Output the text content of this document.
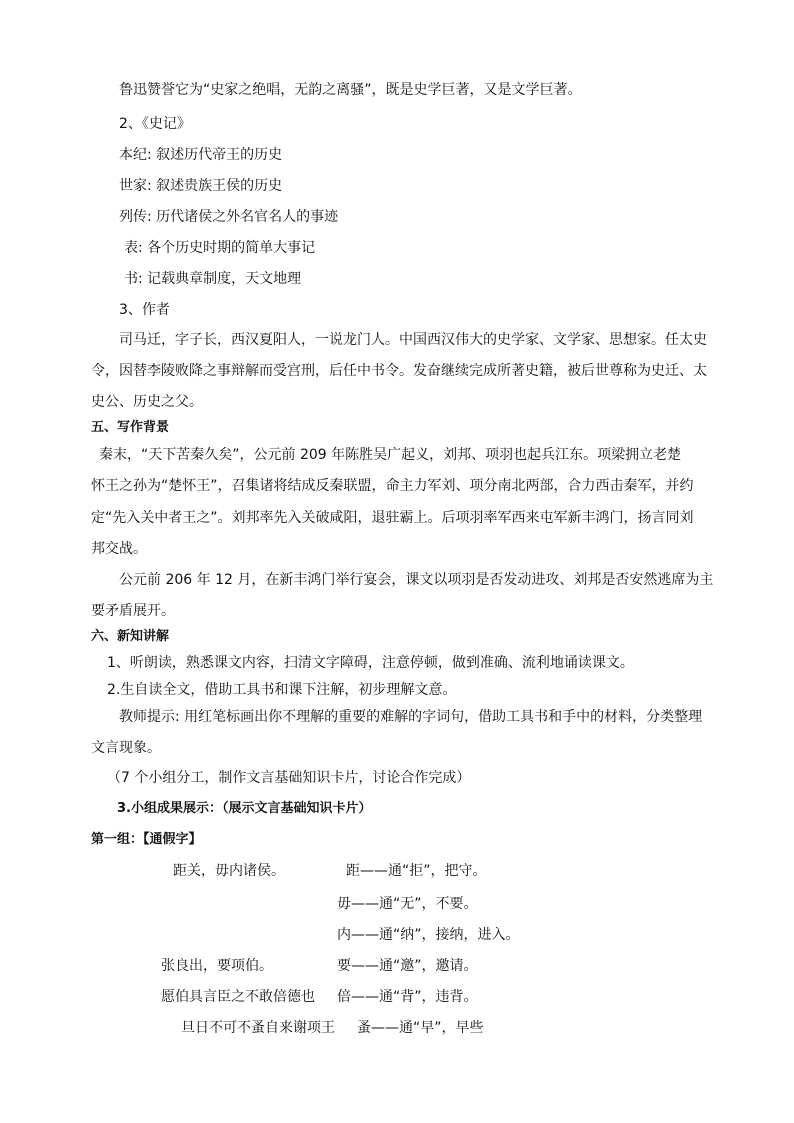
鲁迅赞誉它为“史家之绝唱，无韵之离骚”，既是史学巨著，又是文学巨著。
2、《史记》
本纪: 叙述历代帝王的历史
世家: 叙述贵族王侯的历史
列传: 历代诸侯之外名官名人的事迹
表: 各个历史时期的简单大事记
书: 记载典章制度，天文地理
3、作者
司马迁，字子长，西汉夏阳人，一说龙门人。中国西汉伟大的史学家、文学家、思想家。任太史
令，因替李陵败降之事辩解而受宫刑，后任中书令。发奋继续完成所著史籍，被后世尊称为史迁、太
史公、历史之父。
五、写作背景
秦末，“天下苦秦久矣”，公元前 209 年陈胜吴广起义，刘邦、项羽也起兵江东。项梁拥立老楚
怀王之孙为“楚怀王”，召集诸将结成反秦联盟，命主力军刘、项分南北两部，合力西击秦军，并约
定“先入关中者王之”。刘邦率先入关破咸阳，退驻霸上。后项羽率军西来屯军新丰鸿门，扬言同刘
邦交战。
公元前 206 年 12 月，在新丰鸿门举行宴会，课文以项羽是否发动进攻、刘邦是否安然逃席为主
要矛盾展开。
六、新知讲解
1、听朗读，熟悉课文内容，扫清文字障碍，注意停顿，做到准确、流利地诵读课文。
2.生自读全文，借助工具书和课下注解，初步理解文意。
教师提示: 用红笔标画出你不理解的重要的难解的字词句，借助工具书和手中的材料，分类整理
文言现象。
（7 个小组分工，制作文言基础知识卡片，讨论合作完成）
3.小组成果展示：（展示文言基础知识卡片）
第一组：【通假字】
距关，毋内诸侯。	距——通“拒”，把守。
毋——通“无”，不要。
内——通“纳”，接纳，进入。
张良出，要项伯。	要——通“邀”，邀请。
愿伯具言臣之不敢倍德也 倍——通“背”，违背。
旦日不可不蚤自来谢项王 蚤——通“早”，早些
